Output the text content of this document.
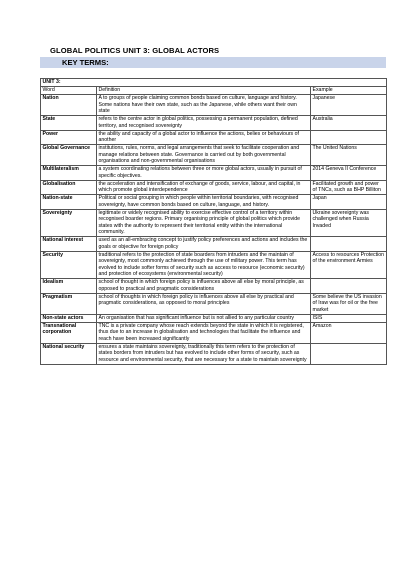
GLOBAL POLITICS UNIT 3: GLOBAL ACTORS
KEY TERMS:
UNIT 3:		
Word	Definition	Example
Nation	A to groups of people claiming common bonds based on culture, language and history. Some nations have their own state, such as the Japanese, while others want their own state	Japanese
State	refers to the centre actor in global politics, possessing a permanent population, defined territory, and recognised sovereignty	Australia
Power	the ability and capacity of a global actor to influence the actions, belies or behaviours of another	
Global Governance	institutions, rules, norms, and legal arrangements that seek to facilitate cooperation and manage relations between state. Governance is carried out by both governmental organisations and non-governmental organisations	The United Nations
Multilateralism	a system coordinating relations between three or more global actors, usually in pursuit of specific objectives.	2014 Geneva II Conference
Globalisation	the acceleration and intensification of exchange of goods, service, labour, and capital, in which promote global interdependence	Facilitated growth and power of TNCs, such as BHP Billiton
Nation-state	Political or social grouping in which people within territorial boundaries, with recognised sovereignty, have common bonds based on culture, language, and history.	Japan
Sovereignty	legitimate or widely recognised ability to exercise effective control of a territory within recognised boarder regions. Primary organising principle of global politics which provide states with the authority to represent their territorial entity within the international community.	Ukraine sovereignty was challenged when Russia Invaded
National interest	used as an all-embracing concept to justify policy preferences and actions and includes the goals or objective for foreign policy	
Security	traditional refers to the protection of state boarders from intruders and the maintain of sovereignty, most commonly achieved through the use of military power. This term has evolved to include softer forms of security such as access to resource (economic security) and protection of ecosystems (environmental security)	Access to resources Protection of the environment Armies
Idealism	school of thought in which foreign policy is influences above all else by moral principle, as opposed to practical and pragmatic considerations	
Pragmatism	school of thoughts in which foreign policy is influences above all else by practical and pragmatic considerations, as opposed to moral principles	Some believe the US invasion of Iraw was for oil or the free market
Non-state actors	An organisation that has significant influence but is not allied to any particular country	ISIS
Transnational corporation	TNC is a private company whose reach extends beyond the state in which it is registered, thus due to an increase in globalisation and technologies that facilitate the influence and reach have been increased significantly	Amazon
National security	ensures a state maintains sovereignty, traditionally this term refers to the protection of states borders from intruders but has evolved to include other forms of security, such as resource and environmental security, that are necessary for a state to maintain sovereignty	
